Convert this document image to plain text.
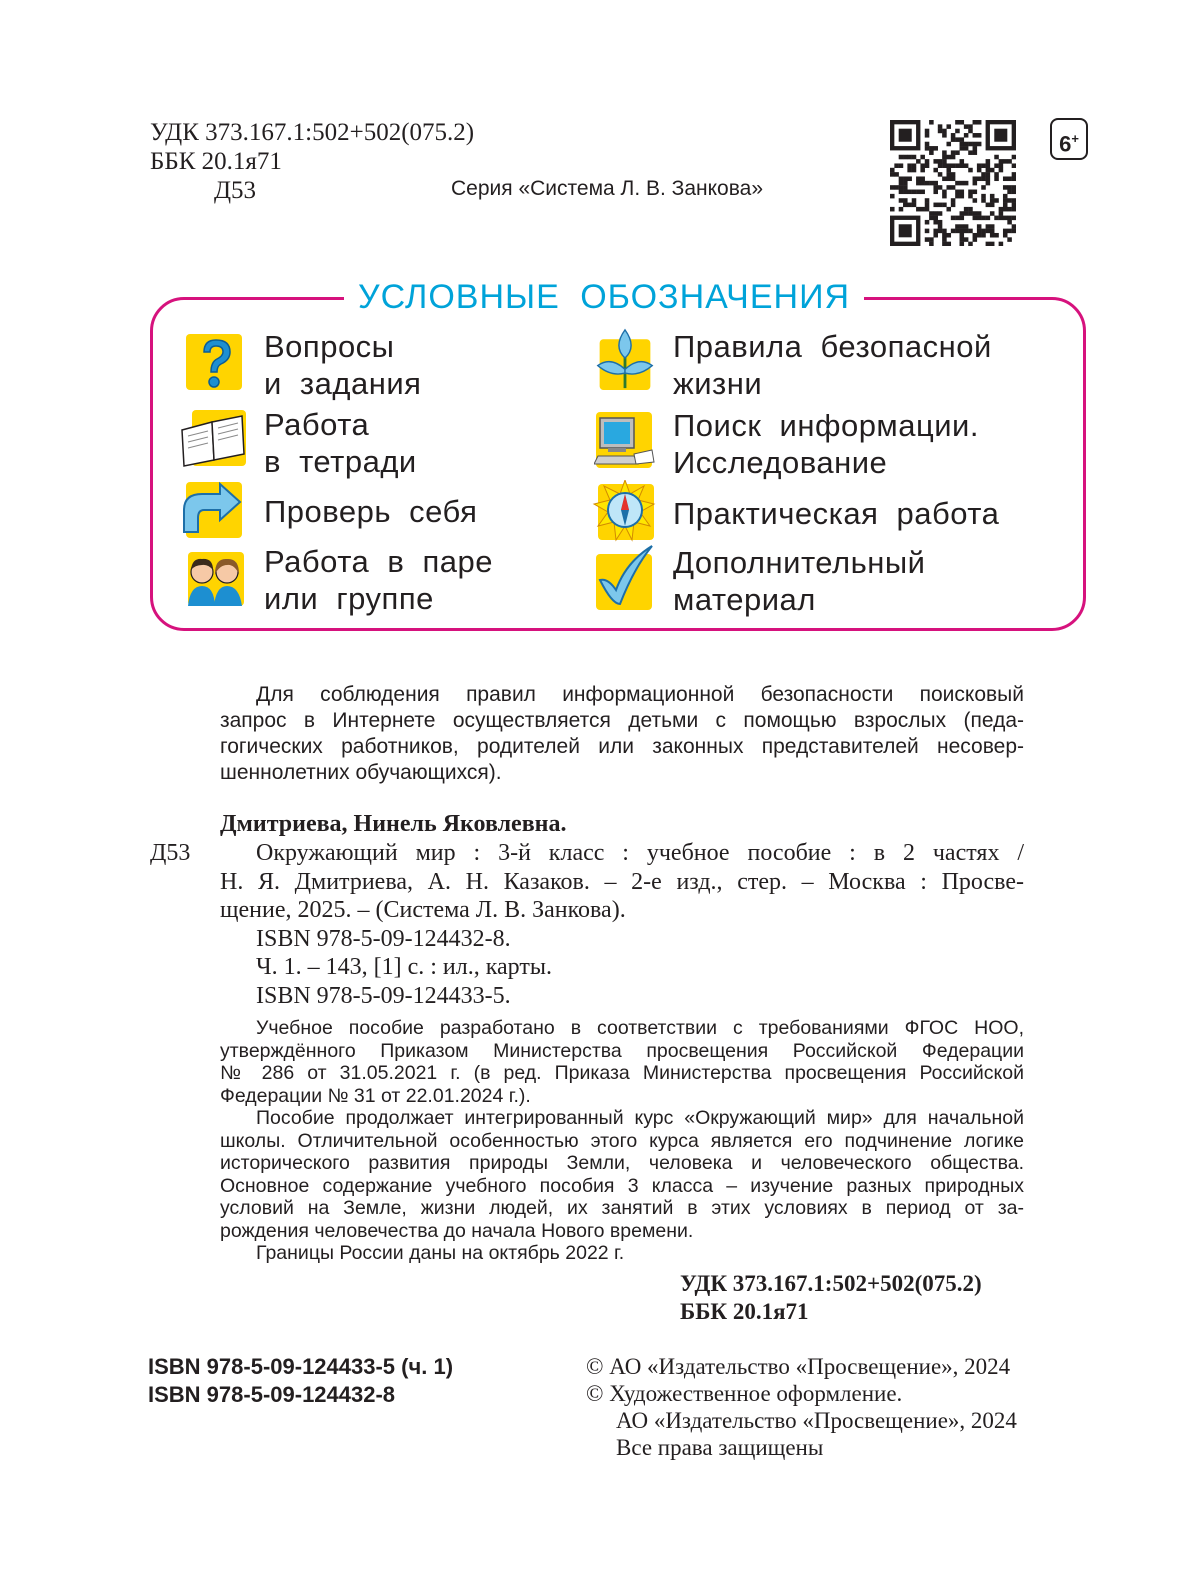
УДК 373.167.1:502+502(075.2)
ББК 20.1я71
Д53	Серия «Система Л. В. Занкова»
6+
УСЛОВНЫЕ ОБОЗНАЧЕНИЯ
Вопросы
и задания
Работа
в тетради
Проверь себя
Работа в паре
или группе
Правила безопасной
жизни
Поиск информации.
Исследование
Практическая работа
Дополнительный
материал
Для соблюдения правил информационной безопасности поисковый
запрос в Интернете осуществляется детьми с помощью взрослых (педа-
гогических работников, родителей или законных представителей несовер-
шеннолетних обучающихся).
Дмитриева, Нинель Яковлевна.
Д53	Окружающий мир : 3-й класс : учебное пособие : в 2 частях /
Н. Я. Дмитриева, А. Н. Казаков. – 2-е изд., стер. – Москва : Просве-
щение, 2025. – (Система Л. В. Занкова).
ISBN 978-5-09-124432-8.
Ч. 1. – 143, [1] с. : ил., карты.
ISBN 978-5-09-124433-5.
Учебное пособие разработано в соответствии с требованиями ФГОС НОО,
утверждённого Приказом Министерства просвещения Российской Федерации
№ 286 от 31.05.2021 г. (в ред. Приказа Министерства просвещения Российской
Федерации № 31 от 22.01.2024 г.).
Пособие продолжает интегрированный курс «Окружающий мир» для начальной
школы. Отличительной особенностью этого курса является его подчинение логике
исторического развития природы Земли, человека и человеческого общества.
Основное содержание учебного пособия 3 класса – изучение разных природных
условий на Земле, жизни людей, их занятий в этих условиях в период от за-
рождения человечества до начала Нового времени.
Границы России даны на октябрь 2022 г.
УДК 373.167.1:502+502(075.2)
ББК 20.1я71
ISBN 978-5-09-124433-5 (ч. 1)
ISBN 978-5-09-124432-8
© АО «Издательство «Просвещение», 2024
© Художественное оформление.
АО «Издательство «Просвещение», 2024
Все права защищены
